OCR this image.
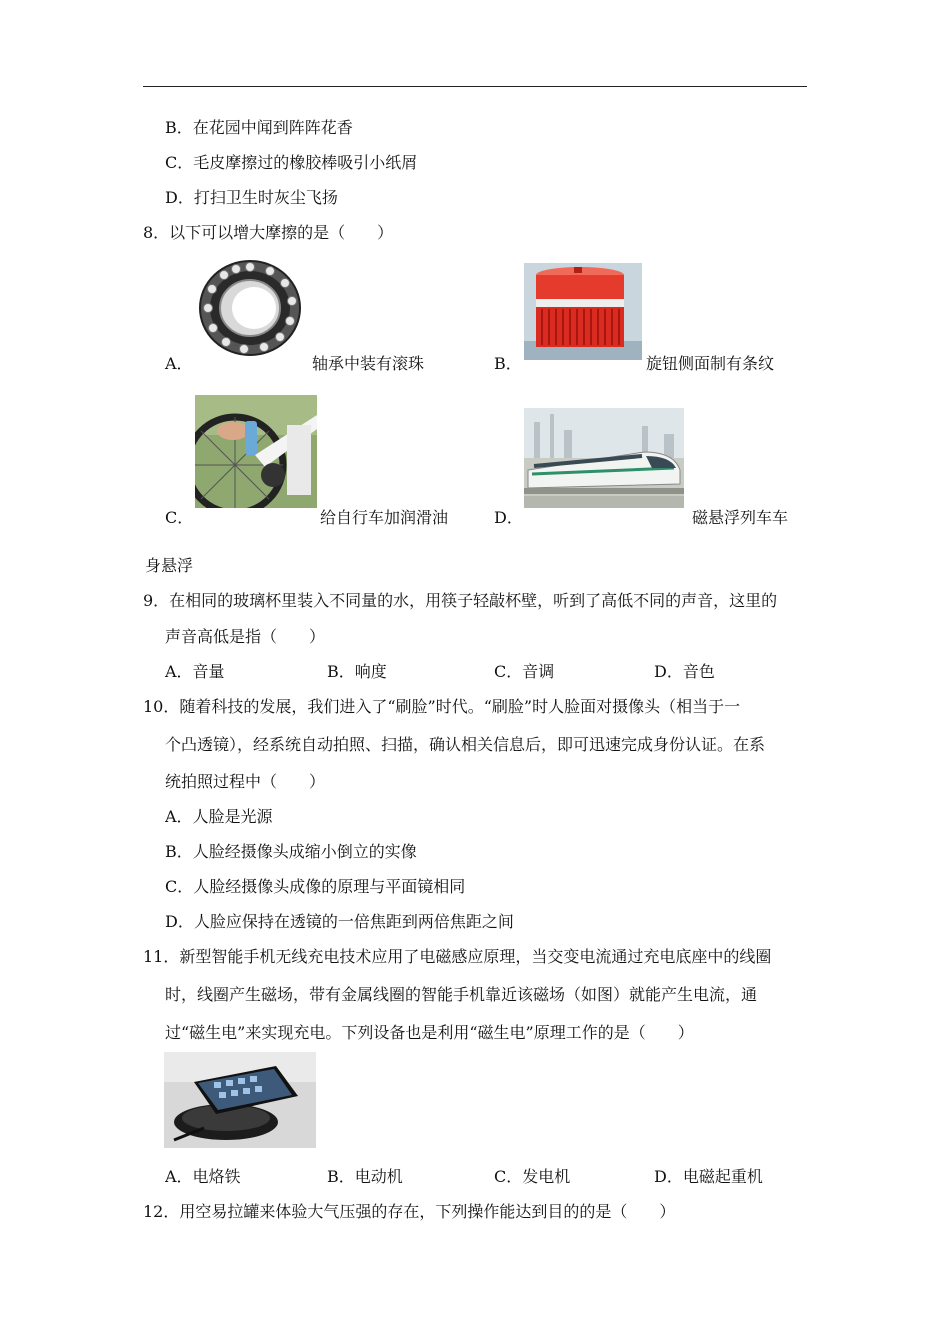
B．在花园中闻到阵阵花香
C．毛皮摩擦过的橡胶棒吸引小纸屑
D．打扫卫生时灰尘飞扬
8．以下可以增大摩擦的是（　　）
A．	轴承中装有滚珠	B．	旋钮侧面制有条纹
C．	给自行车加润滑油	D．	磁悬浮列车车
身悬浮
9．在相同的玻璃杯里装入不同量的水，用筷子轻敲杯壁，听到了高低不同的声音，这里的
声音高低是指（　　）
A．音量	B．响度	C．音调	D．音色
10．随着科技的发展，我们进入了“刷脸”时代。“刷脸”时人脸面对摄像头（相当于一
个凸透镜），经系统自动拍照、扫描，确认相关信息后，即可迅速完成身份认证。在系
统拍照过程中（　　）
A．人脸是光源
B．人脸经摄像头成缩小倒立的实像
C．人脸经摄像头成像的原理与平面镜相同
D．人脸应保持在透镜的一倍焦距到两倍焦距之间
11．新型智能手机无线充电技术应用了电磁感应原理，当交变电流通过充电底座中的线圈
时，线圈产生磁场，带有金属线圈的智能手机靠近该磁场（如图）就能产生电流，通
过“磁生电”来实现充电。下列设备也是利用“磁生电”原理工作的是（　　）
A．电烙铁	B．电动机	C．发电机	D．电磁起重机
12．用空易拉罐来体验大气压强的存在，下列操作能达到目的的是（　　）
